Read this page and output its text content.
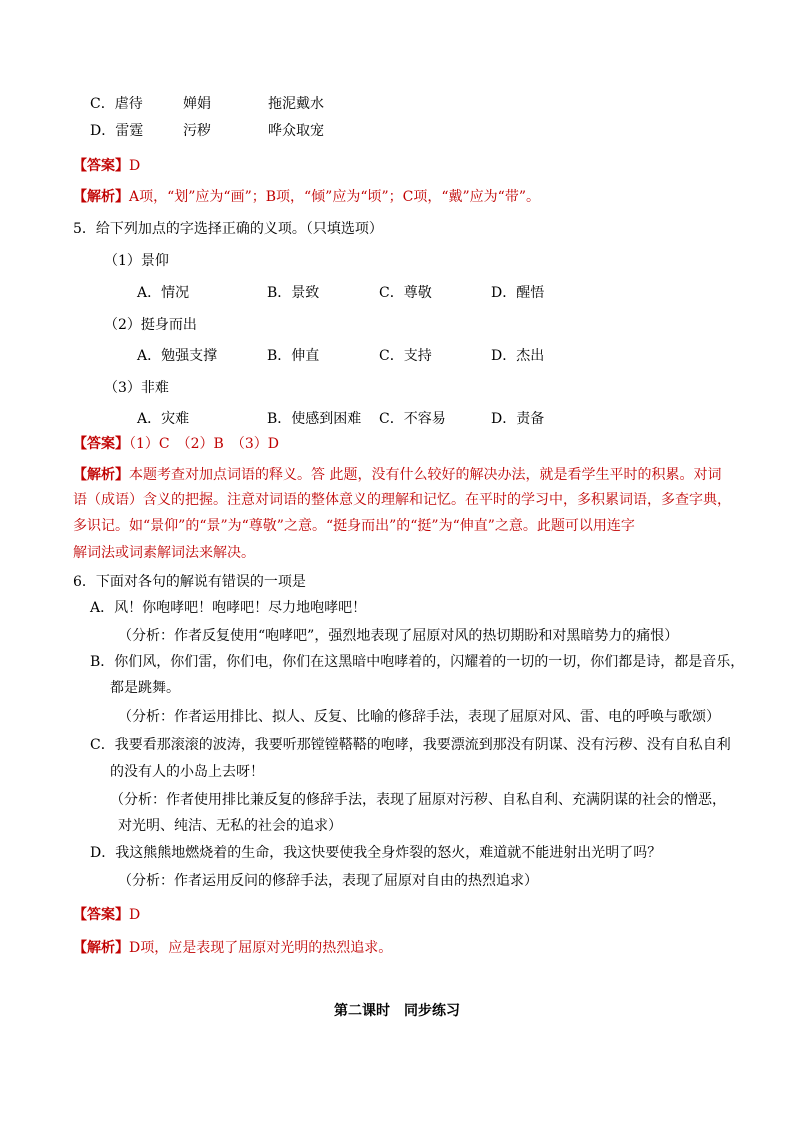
C．虐待	婵娟	拖泥戴水
D．雷霆	污秽	哗众取宠
【答案】D
【解析】A项，“划”应为“画”；B项，“倾”应为“顷”；C项，“戴”应为“带”。
5．给下列加点的字选择正确的义项。（只填选项）
（1）景仰
A．情况	B．景致	C．尊敬	D．醒悟
（2）挺身而出
A．勉强支撑	B．伸直	C．支持	D．杰出
（3）非难
A．灾难	B．使感到困难 C．不容易	D．责备
【答案】（1）C　（2）B　（3）D
【解析】本题考查对加点词语的释义。答 此题，没有什么较好的解决办法，就是看学生平时的积累。对词
语（成语）含义的把握。注意对词语的整体意义的理解和记忆。在平时的学习中，多积累词语，多查字典，
多识记。如“景仰”的“景”为“尊敬”之意。“挺身而出”的“挺”为“伸直”之意。此题可以用连字
解词法或词素解词法来解决。
6．下面对各句的解说有错误的一项是
A．风！你咆哮吧！咆哮吧！尽力地咆哮吧！
（分析：作者反复使用“咆哮吧”，强烈地表现了屈原对风的热切期盼和对黑暗势力的痛恨）
B．你们风，你们雷，你们电，你们在这黑暗中咆哮着的，闪耀着的一切的一切，你们都是诗，都是音乐，
都是跳舞。
（分析：作者运用排比、拟人、反复、比喻的修辞手法，表现了屈原对风、雷、电的呼唤与歌颂）
C．我要看那滚滚的波涛，我要听那镗镗鞳鞳的咆哮，我要漂流到那没有阴谋、没有污秽、没有自私自利
的没有人的小岛上去呀！
（分析：作者使用排比兼反复的修辞手法，表现了屈原对污秽、自私自利、充满阴谋的社会的憎恶，
对光明、纯洁、无私的社会的追求）
D．我这熊熊地燃烧着的生命，我这快要使我全身炸裂的怒火，难道就不能进射出光明了吗？
（分析：作者运用反问的修辞手法，表现了屈原对自由的热烈追求）
【答案】D
【解析】D项，应是表现了屈原对光明的热烈追求。
第二课时　同步练习
